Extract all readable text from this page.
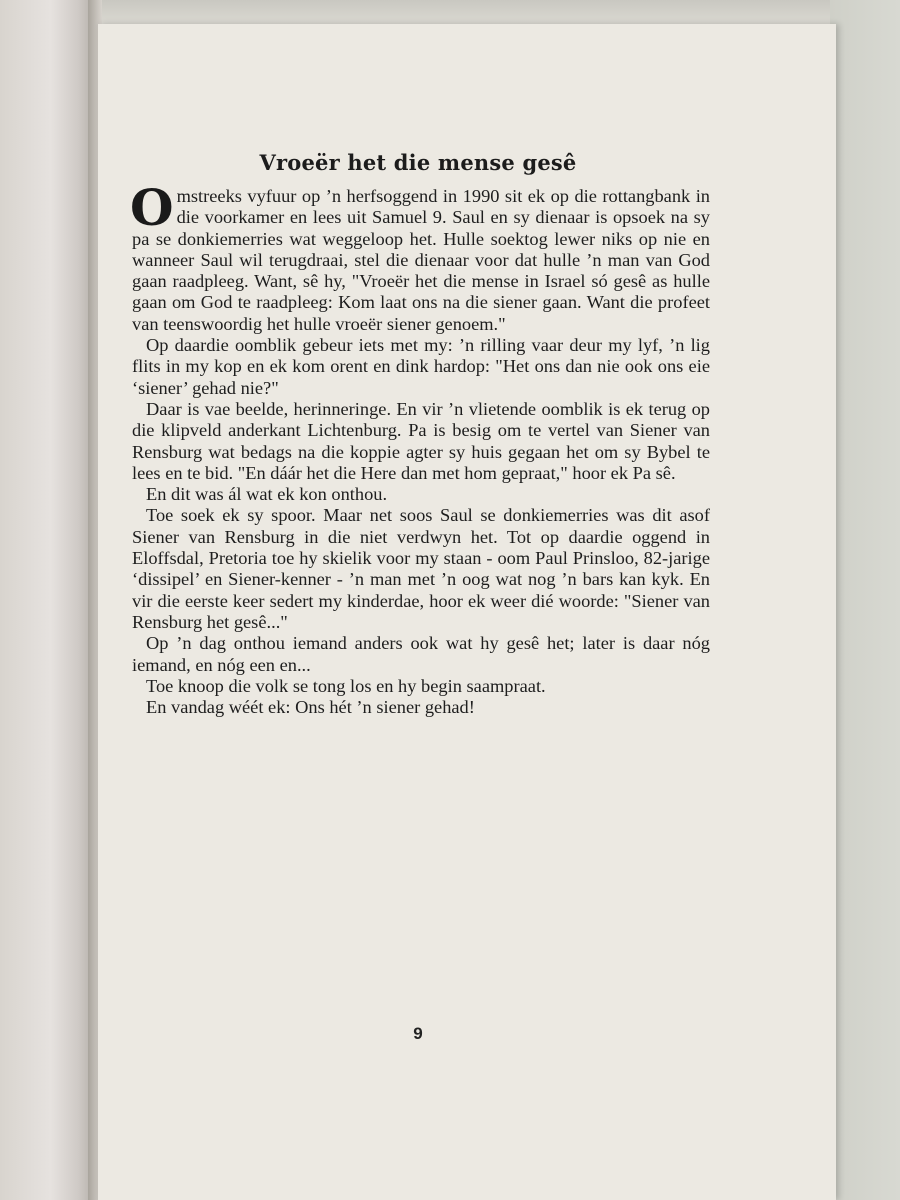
Vroeër het die mense gesê

Omstreeks vyfuur op ’n herfsoggend in 1990 sit ek op die rottangbank in die voorkamer en lees uit Samuel 9. Saul en sy dienaar is opsoek na sy pa se donkiemerries wat weggeloop het. Hulle soektog lewer niks op nie en wanneer Saul wil terugdraai, stel die dienaar voor dat hulle ’n man van God gaan raadpleeg. Want, sê hy, "Vroeër het die mense in Israel só gesê as hulle gaan om God te raadpleeg: Kom laat ons na die siener gaan. Want die profeet van teenswoordig het hulle vroeër siener genoem."

Op daardie oomblik gebeur iets met my: ’n rilling vaar deur my lyf, ’n lig flits in my kop en ek kom orent en dink hardop: "Het ons dan nie ook ons eie ‘siener’ gehad nie?"

Daar is vae beelde, herinneringe. En vir ’n vlietende oomblik is ek terug op die klipveld anderkant Lichtenburg. Pa is besig om te vertel van Siener van Rensburg wat bedags na die koppie agter sy huis gegaan het om sy Bybel te lees en te bid. "En dáár het die Here dan met hom gepraat," hoor ek Pa sê.

En dit was ál wat ek kon onthou.

Toe soek ek sy spoor. Maar net soos Saul se donkiemerries was dit asof Siener van Rensburg in die niet verdwyn het. Tot op daardie oggend in Eloffsdal, Pretoria toe hy skielik voor my staan - oom Paul Prinsloo, 82-jarige ‘dissipel’ en Siener-kenner - ’n man met ’n oog wat nog ’n bars kan kyk. En vir die eerste keer sedert my kinderdae, hoor ek weer dié woorde: "Siener van Rensburg het gesê..."

Op ’n dag onthou iemand anders ook wat hy gesê het; later is daar nóg iemand, en nóg een en...

Toe knoop die volk se tong los en hy begin saampraat.

En vandag wéét ek: Ons hét ’n siener gehad!

9
